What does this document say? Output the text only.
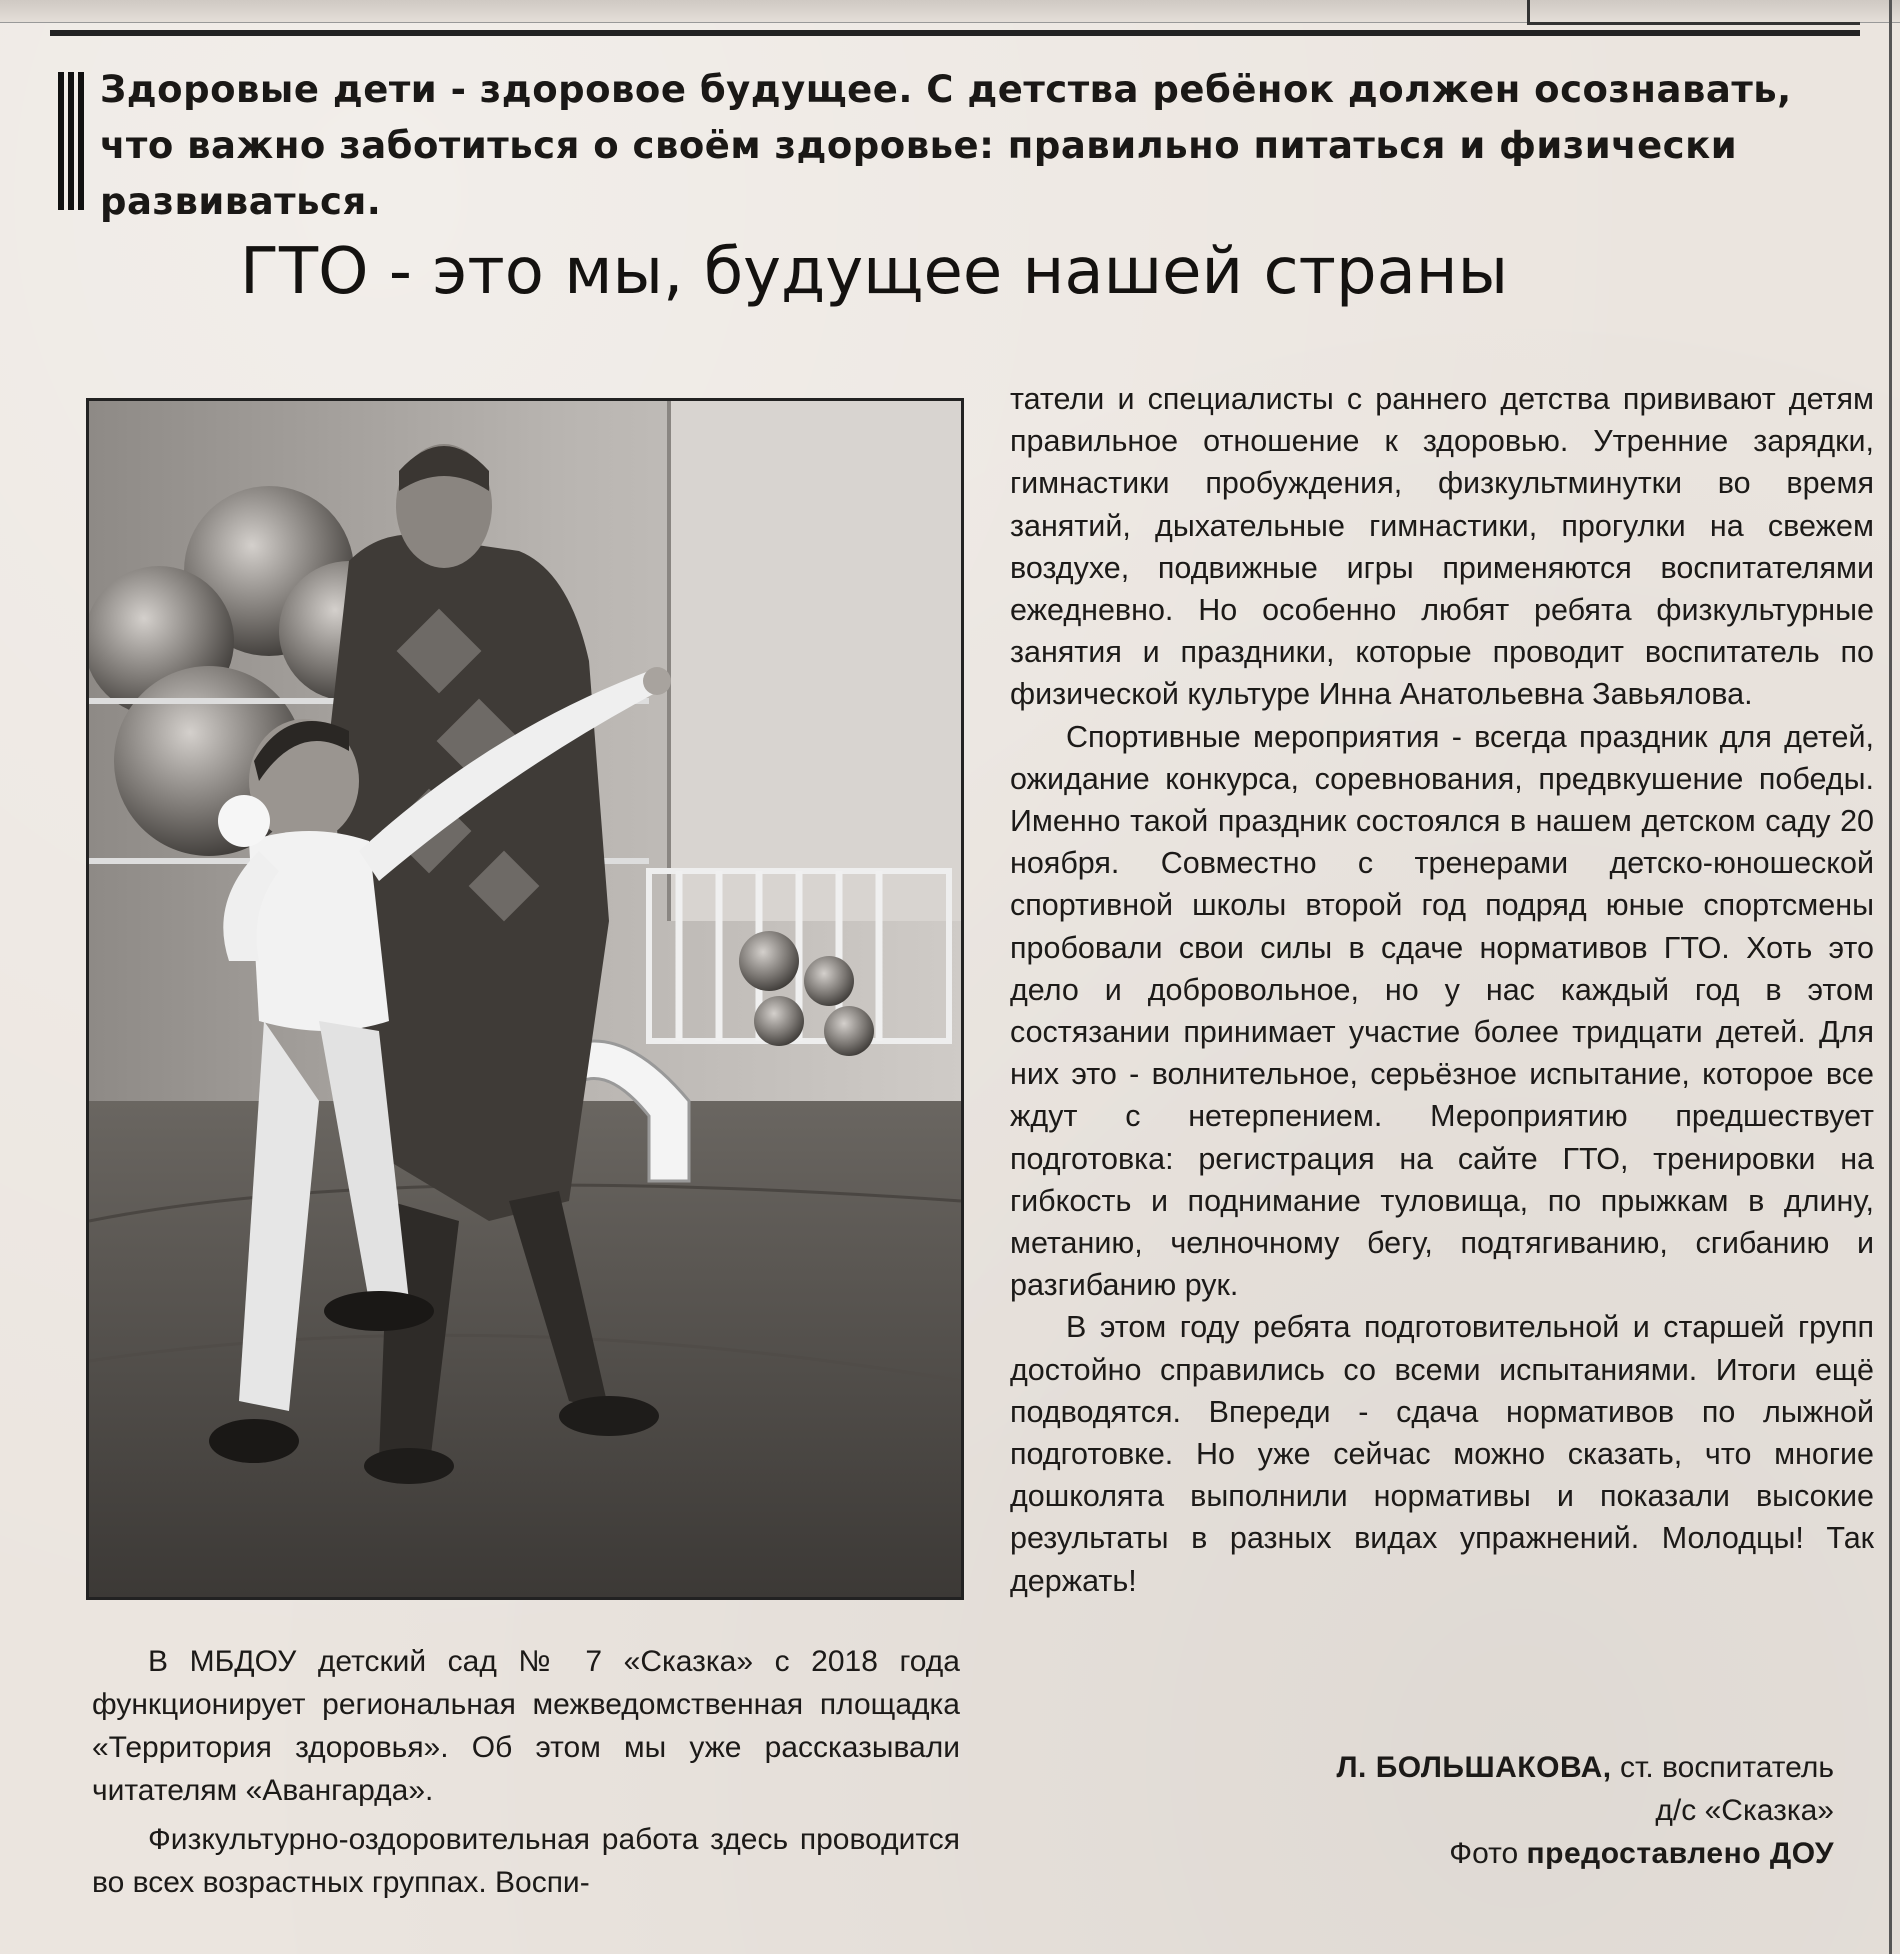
Здоровые дети - здоровое будущее. С детства ребёнок должен осознавать, что важно заботиться о своём здоровье: правильно питаться и физически развиваться.
ГТО - это мы, будущее нашей страны

В МБДОУ детский сад № 7 «Сказка» с 2018 года функционирует региональная межведомственная площадка «Территория здоровья». Об этом мы уже рассказывали читателям «Авангарда».

Физкультурно-оздоровительная работа здесь проводится во всех возрастных группах. Воспи-

татели и специалисты с раннего детства прививают детям правильное отношение к здоровью. Утренние зарядки, гимнастики пробуждения, физкультминутки во время занятий, дыхательные гимнастики, прогулки на свежем воздухе, подвижные игры применяются воспитателями ежедневно. Но особенно любят ребята физкультурные занятия и праздники, которые проводит воспитатель по физической культуре Инна Анатольевна Завьялова.

Спортивные мероприятия - всегда праздник для детей, ожидание конкурса, соревнования, предвкушение победы. Именно такой праздник состоялся в нашем детском саду 20 ноября. Совместно с тренерами детско-юношеской спортивной школы второй год подряд юные спортсмены пробовали свои силы в сдаче нормативов ГТО. Хоть это дело и добровольное, но у нас каждый год в этом состязании принимает участие более тридцати детей. Для них это - волнительное, серьёзное испытание, которое все ждут с нетерпением. Мероприятию предшествует подготовка: регистрация на сайте ГТО, тренировки на гибкость и поднимание туловища, по прыжкам в длину, метанию, челночному бегу, подтягиванию, сгибанию и разгибанию рук.

В этом году ребята подготовительной и старшей групп достойно справились со всеми испытаниями. Итоги ещё подводятся. Впереди - сдача нормативов по лыжной подготовке. Но уже сейчас можно сказать, что многие дошколята выполнили нормативы и показали высокие результаты в разных видах упражнений. Молодцы! Так держать!

Л. БОЛЬШАКОВА, ст. воспитатель
д/с «Сказка»
Фото предоставлено ДОУ
